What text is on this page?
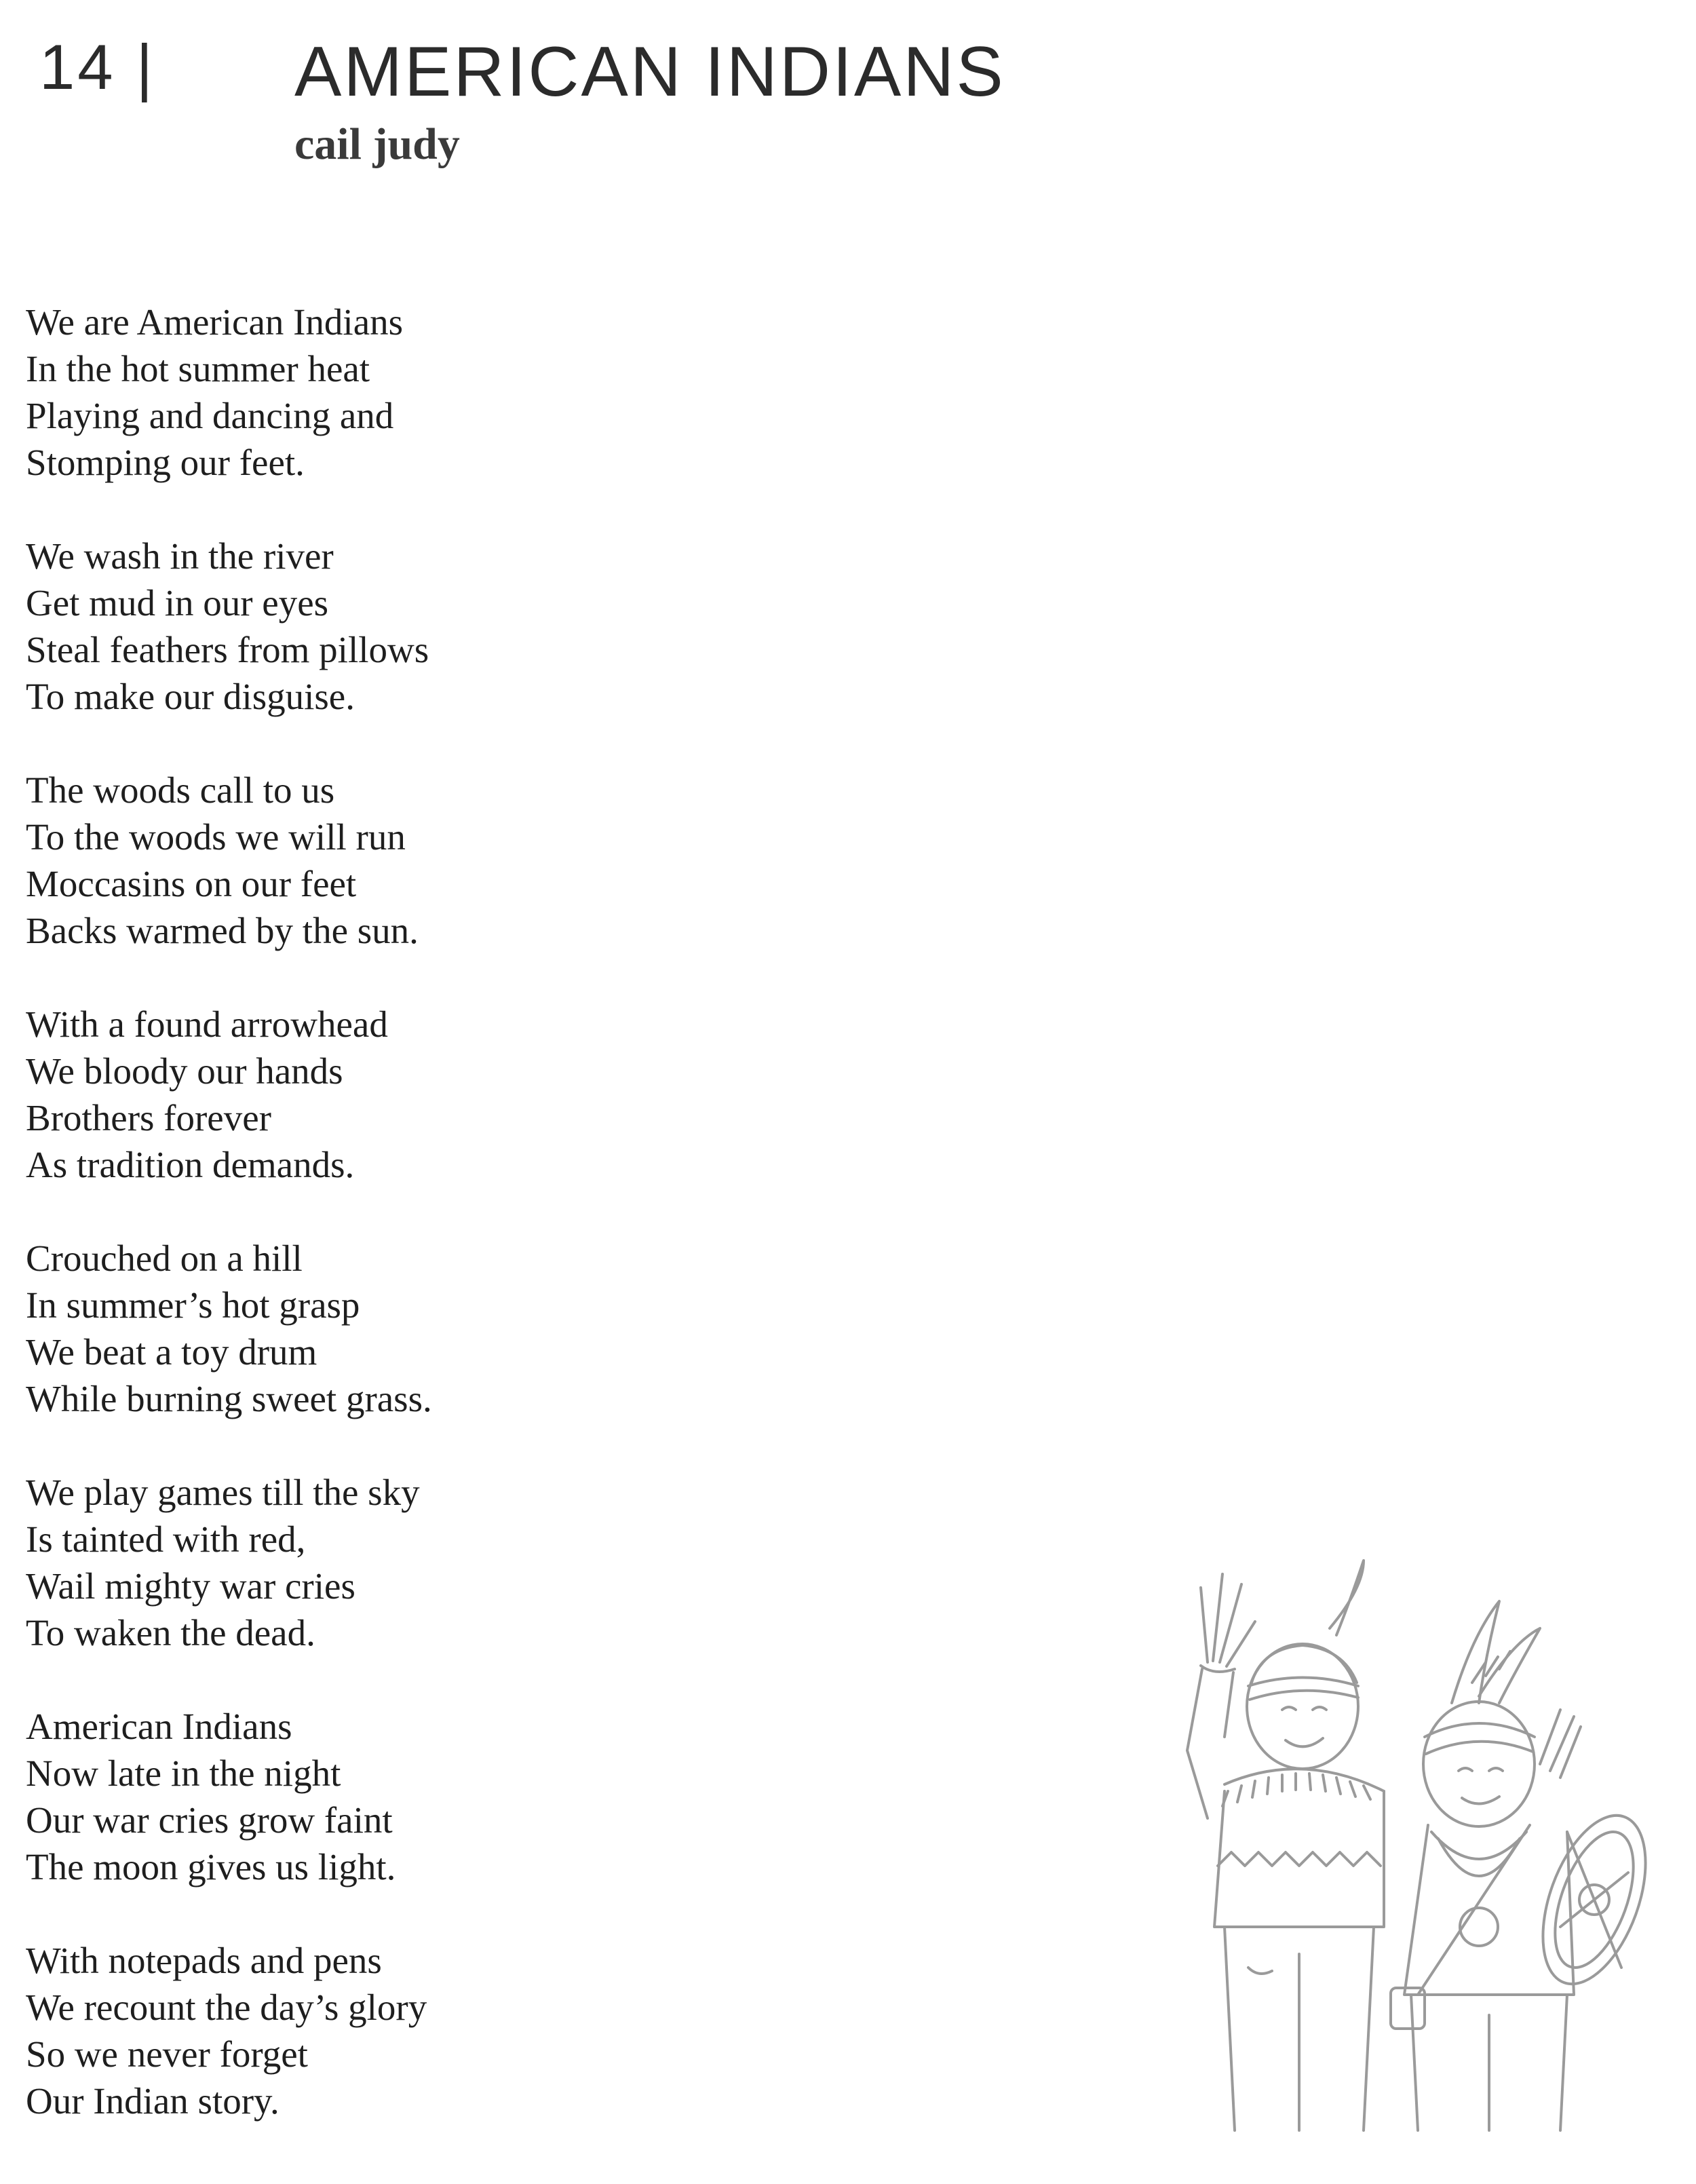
14 | AMERICAN INDIANS
cail judy
We are American Indians
In the hot summer heat
Playing and dancing and
Stomping our feet.
We wash in the river
Get mud in our eyes
Steal feathers from pillows
To make our disguise.
The woods call to us
To the woods we will run
Moccasins on our feet
Backs warmed by the sun.
With a found arrowhead
We bloody our hands
Brothers forever
As tradition demands.
Crouched on a hill
In summer’s hot grasp
We beat a toy drum
While burning sweet grass.
We play games till the sky
Is tainted with red,
Wail mighty war cries
To waken the dead.
American Indians
Now late in the night
Our war cries grow faint
The moon gives us light.
With notepads and pens
We recount the day’s glory
So we never forget
Our Indian story.
